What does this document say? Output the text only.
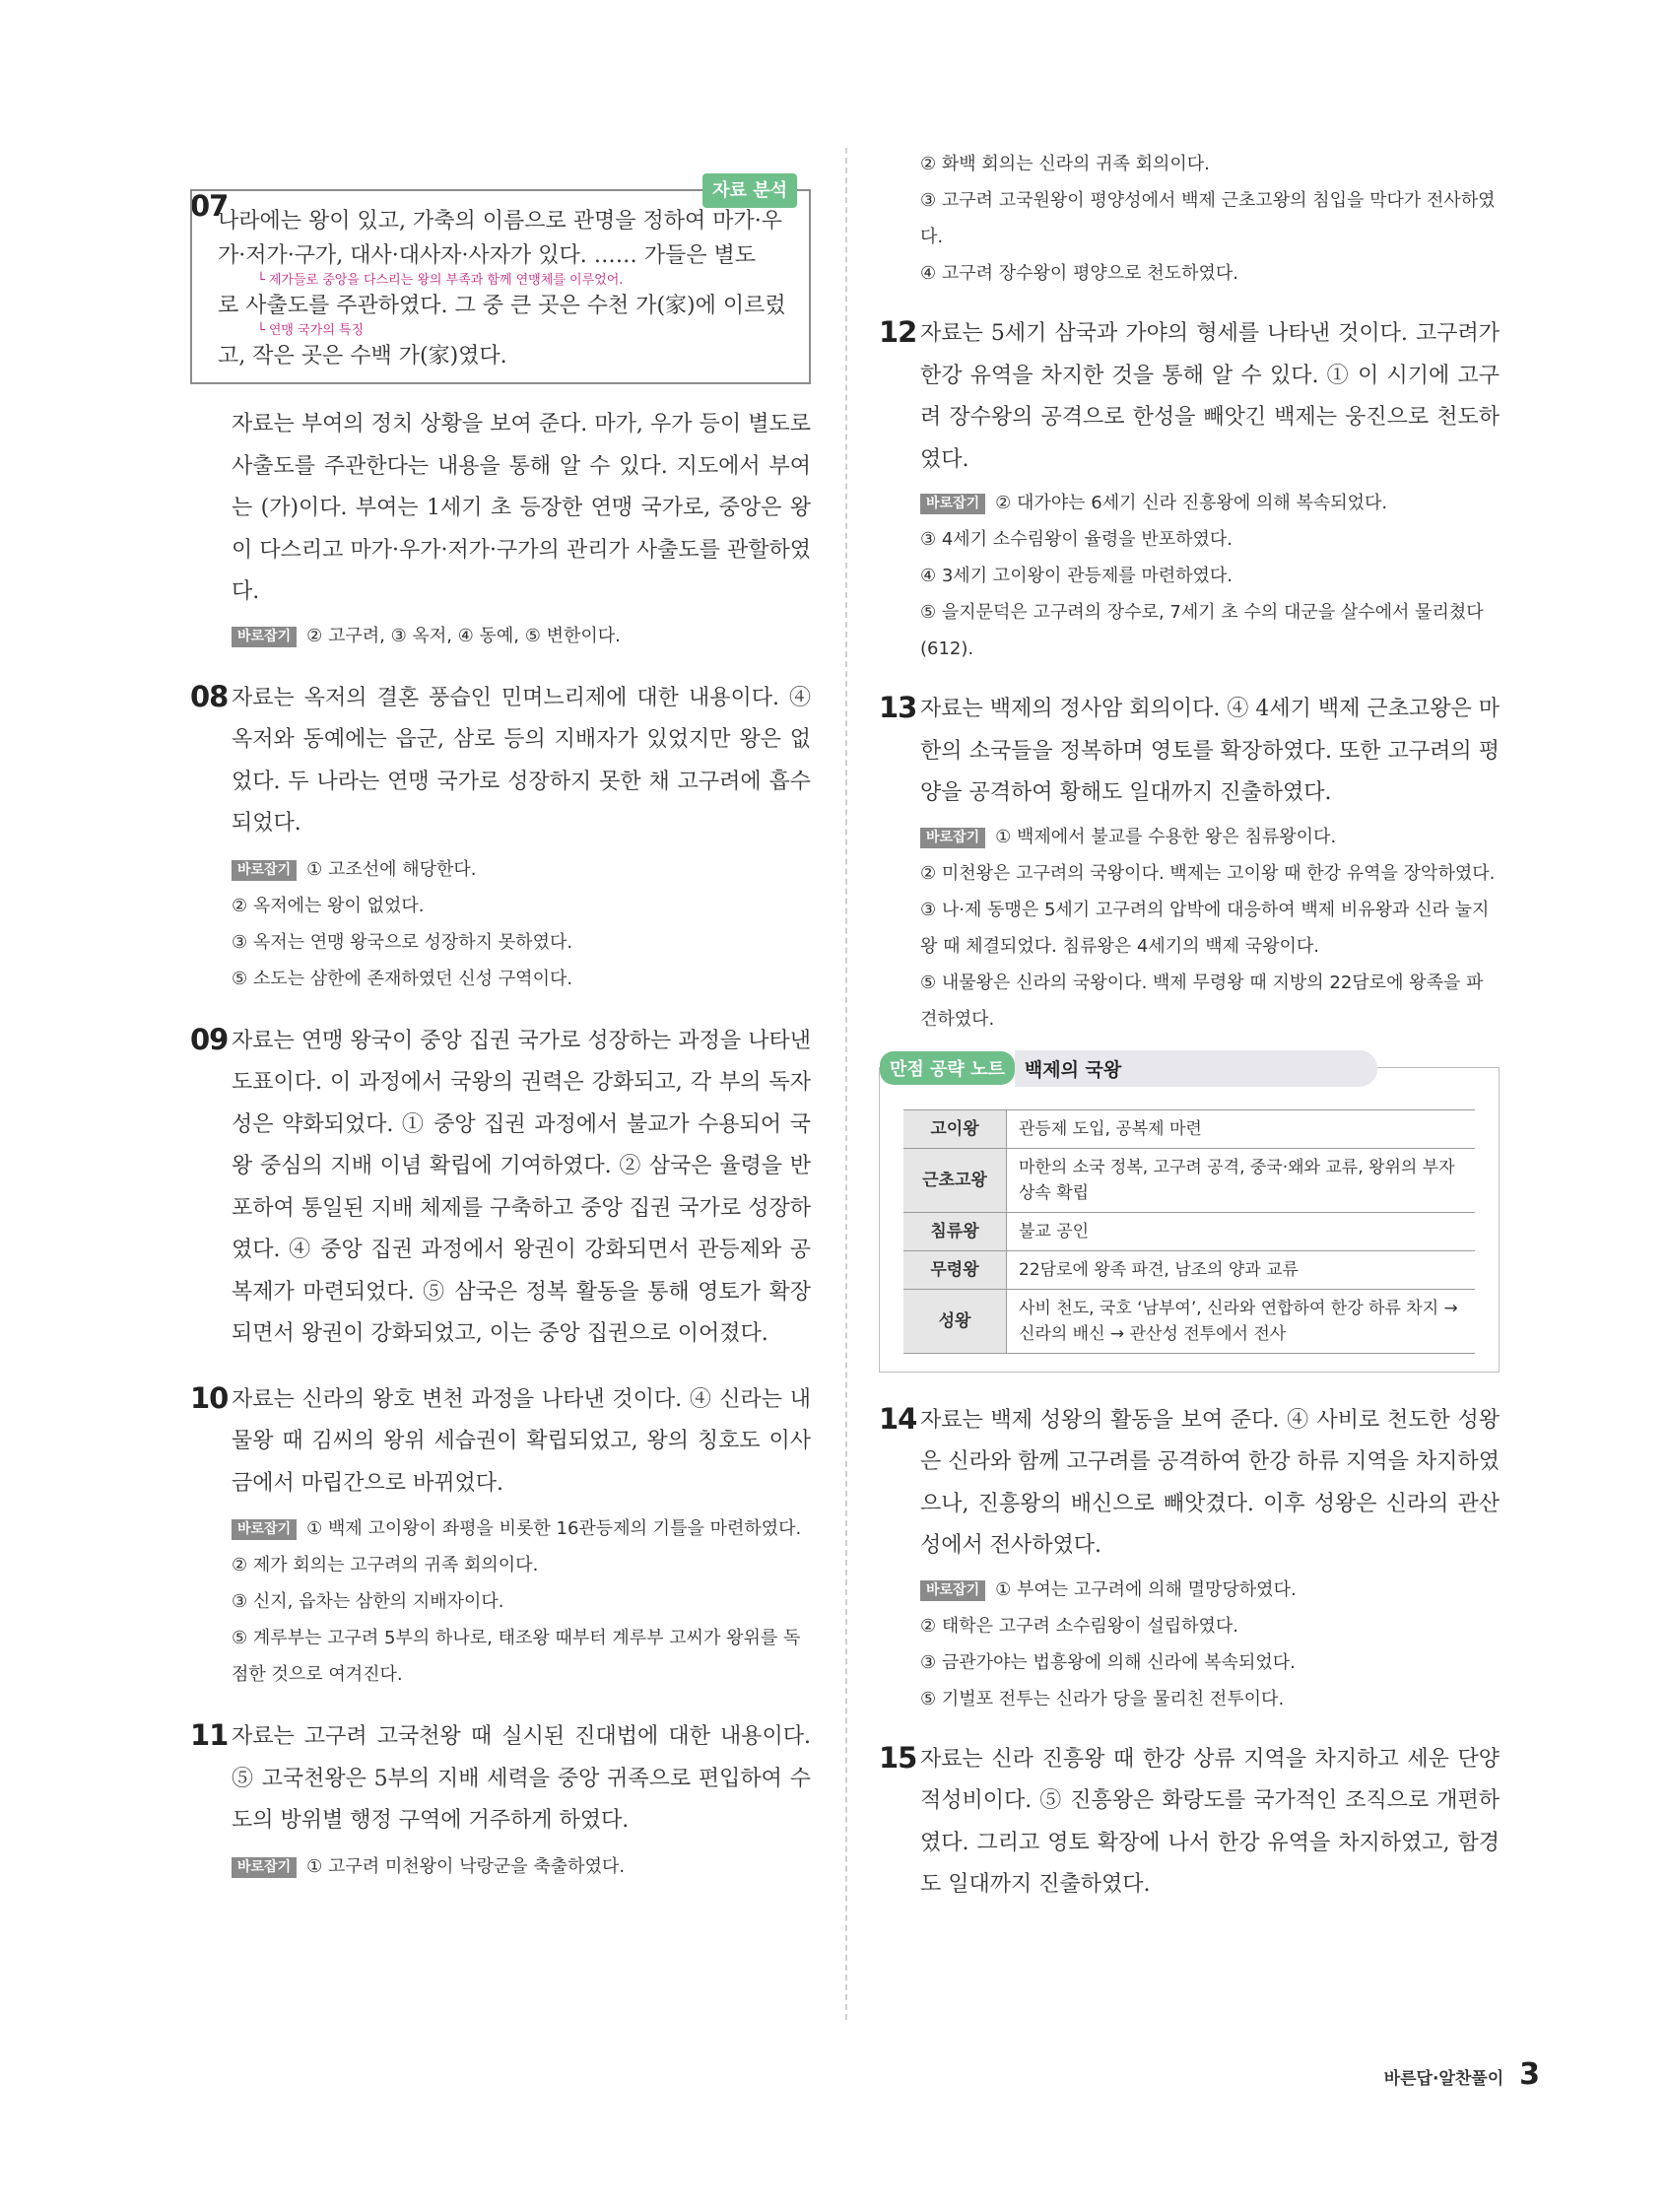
07	자료 분석
나라에는 왕이 있고, 가축의 이름으로 관명을 정하여 마가·우
가·저가·구가, 대사·대사자·사자가 있다. …… 가들은 별도
└ 제가들로 중앙을 다스리는 왕의 부족과 함께 연맹체를 이루었어.
로 사출도를 주관하였다. 그 중 큰 곳은 수천 가(家)에 이르렀
└ 연맹 국가의 특징
고, 작은 곳은 수백 가(家)였다.
자료는 부여의 정치 상황을 보여 준다. 마가, 우가 등이 별도로 사출도를 주관한다는 내용을 통해 알 수 있다. 지도에서 부여는 (가)이다. 부여는 1세기 초 등장한 연맹 국가로, 중앙은 왕이 다스리고 마가·우가·저가·구가의 관리가 사출도를 관할하였다.
바로잡기 ② 고구려, ③ 옥저, ④ 동예, ⑤ 변한이다.
08 자료는 옥저의 결혼 풍습인 민며느리제에 대한 내용이다. ④ 옥저와 동예에는 읍군, 삼로 등의 지배자가 있었지만 왕은 없었다. 두 나라는 연맹 국가로 성장하지 못한 채 고구려에 흡수되었다.
바로잡기 ① 고조선에 해당한다.
② 옥저에는 왕이 없었다.
③ 옥저는 연맹 왕국으로 성장하지 못하였다.
⑤ 소도는 삼한에 존재하였던 신성 구역이다.
09 자료는 연맹 왕국이 중앙 집권 국가로 성장하는 과정을 나타낸 도표이다. 이 과정에서 국왕의 권력은 강화되고, 각 부의 독자성은 약화되었다. ① 중앙 집권 과정에서 불교가 수용되어 국왕 중심의 지배 이념 확립에 기여하였다. ② 삼국은 율령을 반포하여 통일된 지배 체제를 구축하고 중앙 집권 국가로 성장하였다. ④ 중앙 집권 과정에서 왕권이 강화되면서 관등제와 공복제가 마련되었다. ⑤ 삼국은 정복 활동을 통해 영토가 확장되면서 왕권이 강화되었고, 이는 중앙 집권으로 이어졌다.
10 자료는 신라의 왕호 변천 과정을 나타낸 것이다. ④ 신라는 내물왕 때 김씨의 왕위 세습권이 확립되었고, 왕의 칭호도 이사금에서 마립간으로 바뀌었다.
바로잡기 ① 백제 고이왕이 좌평을 비롯한 16관등제의 기틀을 마련하였다.
② 제가 회의는 고구려의 귀족 회의이다.
③ 신지, 읍차는 삼한의 지배자이다.
⑤ 계루부는 고구려 5부의 하나로, 태조왕 때부터 계루부 고씨가 왕위를 독점한 것으로 여겨진다.
11 자료는 고구려 고국천왕 때 실시된 진대법에 대한 내용이다. ⑤ 고국천왕은 5부의 지배 세력을 중앙 귀족으로 편입하여 수도의 방위별 행정 구역에 거주하게 하였다.
바로잡기 ① 고구려 미천왕이 낙랑군을 축출하였다.
② 화백 회의는 신라의 귀족 회의이다.
③ 고구려 고국원왕이 평양성에서 백제 근초고왕의 침입을 막다가 전사하였다.
④ 고구려 장수왕이 평양으로 천도하였다.
12 자료는 5세기 삼국과 가야의 형세를 나타낸 것이다. 고구려가 한강 유역을 차지한 것을 통해 알 수 있다. ① 이 시기에 고구려 장수왕의 공격으로 한성을 빼앗긴 백제는 웅진으로 천도하였다.
바로잡기 ② 대가야는 6세기 신라 진흥왕에 의해 복속되었다.
③ 4세기 소수림왕이 율령을 반포하였다.
④ 3세기 고이왕이 관등제를 마련하였다.
⑤ 을지문덕은 고구려의 장수로, 7세기 초 수의 대군을 살수에서 물리쳤다(612).
13 자료는 백제의 정사암 회의이다. ④ 4세기 백제 근초고왕은 마한의 소국들을 정복하며 영토를 확장하였다. 또한 고구려의 평양을 공격하여 황해도 일대까지 진출하였다.
바로잡기 ① 백제에서 불교를 수용한 왕은 침류왕이다.
② 미천왕은 고구려의 국왕이다. 백제는 고이왕 때 한강 유역을 장악하였다.
③ 나·제 동맹은 5세기 고구려의 압박에 대응하여 백제 비유왕과 신라 눌지왕 때 체결되었다. 침류왕은 4세기의 백제 국왕이다.
⑤ 내물왕은 신라의 국왕이다. 백제 무령왕 때 지방의 22담로에 왕족을 파견하였다.
만점 공략 노트	백제의 국왕
고이왕	관등제 도입, 공복제 마련
근초고왕	마한의 소국 정복, 고구려 공격, 중국·왜와 교류, 왕위의 부자 상속 확립
침류왕	불교 공인
무령왕	22담로에 왕족 파견, 남조의 양과 교류
성왕	사비 천도, 국호 ‘남부여’, 신라와 연합하여 한강 하류 차지 → 신라의 배신 → 관산성 전투에서 전사
14 자료는 백제 성왕의 활동을 보여 준다. ④ 사비로 천도한 성왕은 신라와 함께 고구려를 공격하여 한강 하류 지역을 차지하였으나, 진흥왕의 배신으로 빼앗겼다. 이후 성왕은 신라의 관산성에서 전사하였다.
바로잡기 ① 부여는 고구려에 의해 멸망당하였다.
② 태학은 고구려 소수림왕이 설립하였다.
③ 금관가야는 법흥왕에 의해 신라에 복속되었다.
⑤ 기벌포 전투는 신라가 당을 물리친 전투이다.
15 자료는 신라 진흥왕 때 한강 상류 지역을 차지하고 세운 단양 적성비이다. ⑤ 진흥왕은 화랑도를 국가적인 조직으로 개편하였다. 그리고 영토 확장에 나서 한강 유역을 차지하였고, 함경도 일대까지 진출하였다.
바른답·알찬풀이 3
